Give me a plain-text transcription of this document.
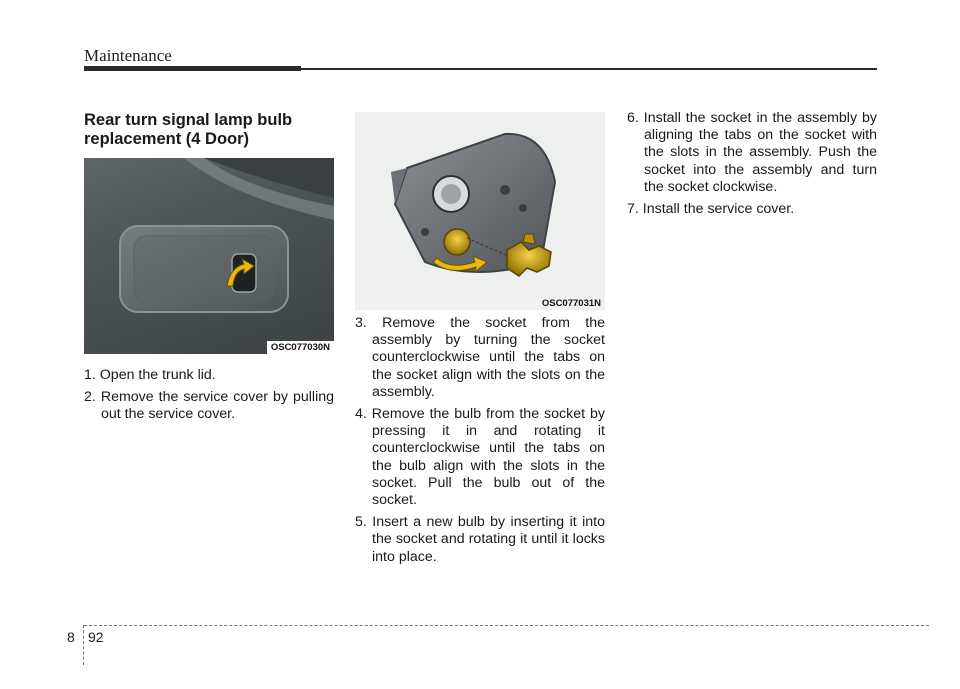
Maintenance
Rear turn signal lamp bulb replacement (4 Door)
OSC077030N
OSC077031N
1. Open the trunk lid.
2. Remove the service cover by pulling out the service cover.
3. Remove the socket from the assembly by turning the socket counterclockwise until the tabs on the socket align with the slots on the assembly.
4. Remove the bulb from the socket by pressing it in and rotating it counterclockwise until the tabs on the bulb align with the slots in the socket. Pull the bulb out of the socket.
5. Insert a new bulb by inserting it into the socket and rotating it until it locks into place.
6. Install the socket in the assembly by aligning the tabs on the socket with the slots in the assembly. Push the socket into the assembly and turn the socket clockwise.
7. Install the service cover.
8 92
